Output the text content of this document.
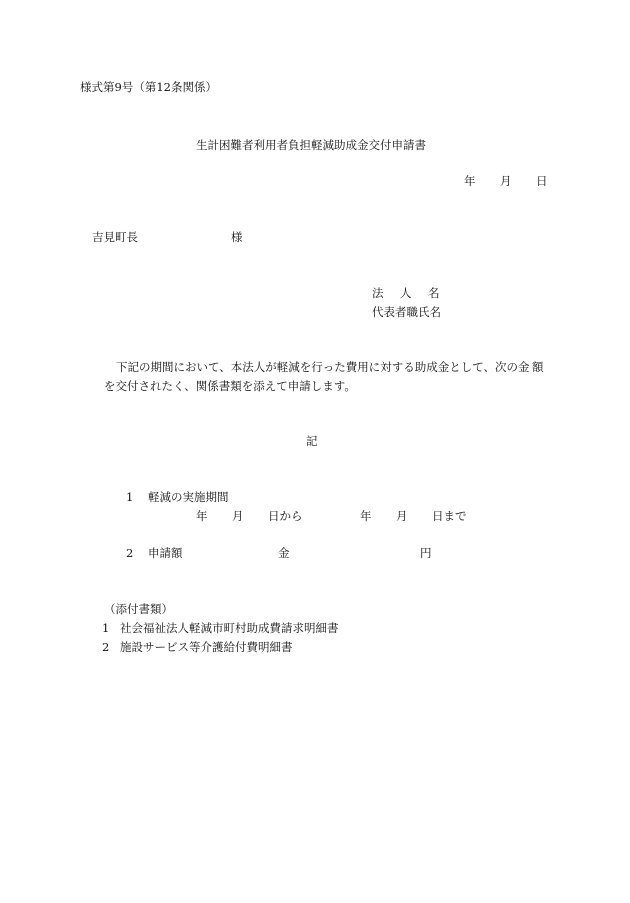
様式第9号（第12条関係）
生計困難者利用者負担軽減助成金交付申請書
年 月 日
吉見町長	様
法 人 名
代表者職氏名
下記の期間において、本法人が軽減を行った費用に対する助成金として、次の金 額
を交付されたく、関係書類を添えて申請します。
記
1 軽減の実施期間
年 月 日から	年 月 日まで
2 申請額	金	円
（添付書類）
1 社会福祉法人軽減市町村助成費請求明細書
2 施設サービス等介護給付費明細書
